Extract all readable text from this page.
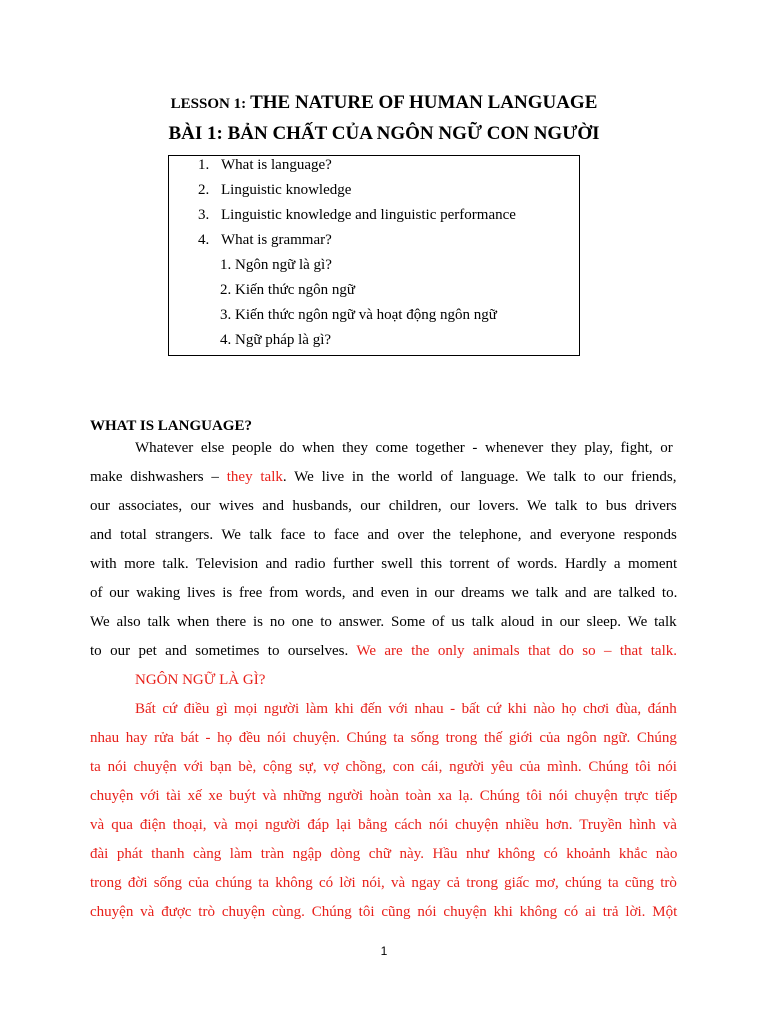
LESSON 1: THE NATURE OF HUMAN LANGUAGE
BÀI 1: BẢN CHẤT CỦA NGÔN NGỮ CON NGƯỜI
1. What is language?
2. Linguistic knowledge
3. Linguistic knowledge and linguistic performance
4. What is grammar?
1. Ngôn ngữ là gì?
2. Kiến thức ngôn ngữ
3. Kiến thức ngôn ngữ và hoạt động ngôn ngữ
4. Ngữ pháp là gì?
WHAT IS LANGUAGE?
Whatever else people do when they come together - whenever they play, fight, or
make dishwashers – they talk. We live in the world of language. We talk to our friends,
our associates, our wives and husbands, our children, our lovers. We talk to bus drivers
and total strangers. We talk face to face and over the telephone, and everyone responds
with more talk. Television and radio further swell this torrent of words. Hardly a moment
of our waking lives is free from words, and even in our dreams we talk and are talked to.
We also talk when there is no one to answer. Some of us talk aloud in our sleep. We talk
to our pet and sometimes to ourselves. We are the only animals that do so – that talk.
NGÔN NGỮ LÀ GÌ?
Bất cứ điều gì mọi người làm khi đến với nhau - bất cứ khi nào họ chơi đùa, đánh
nhau hay rửa bát - họ đều nói chuyện. Chúng ta sống trong thế giới của ngôn ngữ. Chúng
ta nói chuyện với bạn bè, cộng sự, vợ chồng, con cái, người yêu của mình. Chúng tôi nói
chuyện với tài xế xe buýt và những người hoàn toàn xa lạ. Chúng tôi nói chuyện trực tiếp
và qua điện thoại, và mọi người đáp lại bằng cách nói chuyện nhiều hơn. Truyền hình và
đài phát thanh càng làm tràn ngập dòng chữ này. Hầu như không có khoảnh khắc nào
trong đời sống của chúng ta không có lời nói, và ngay cả trong giấc mơ, chúng ta cũng trò
chuyện và được trò chuyện cùng. Chúng tôi cũng nói chuyện khi không có ai trả lời. Một
1
